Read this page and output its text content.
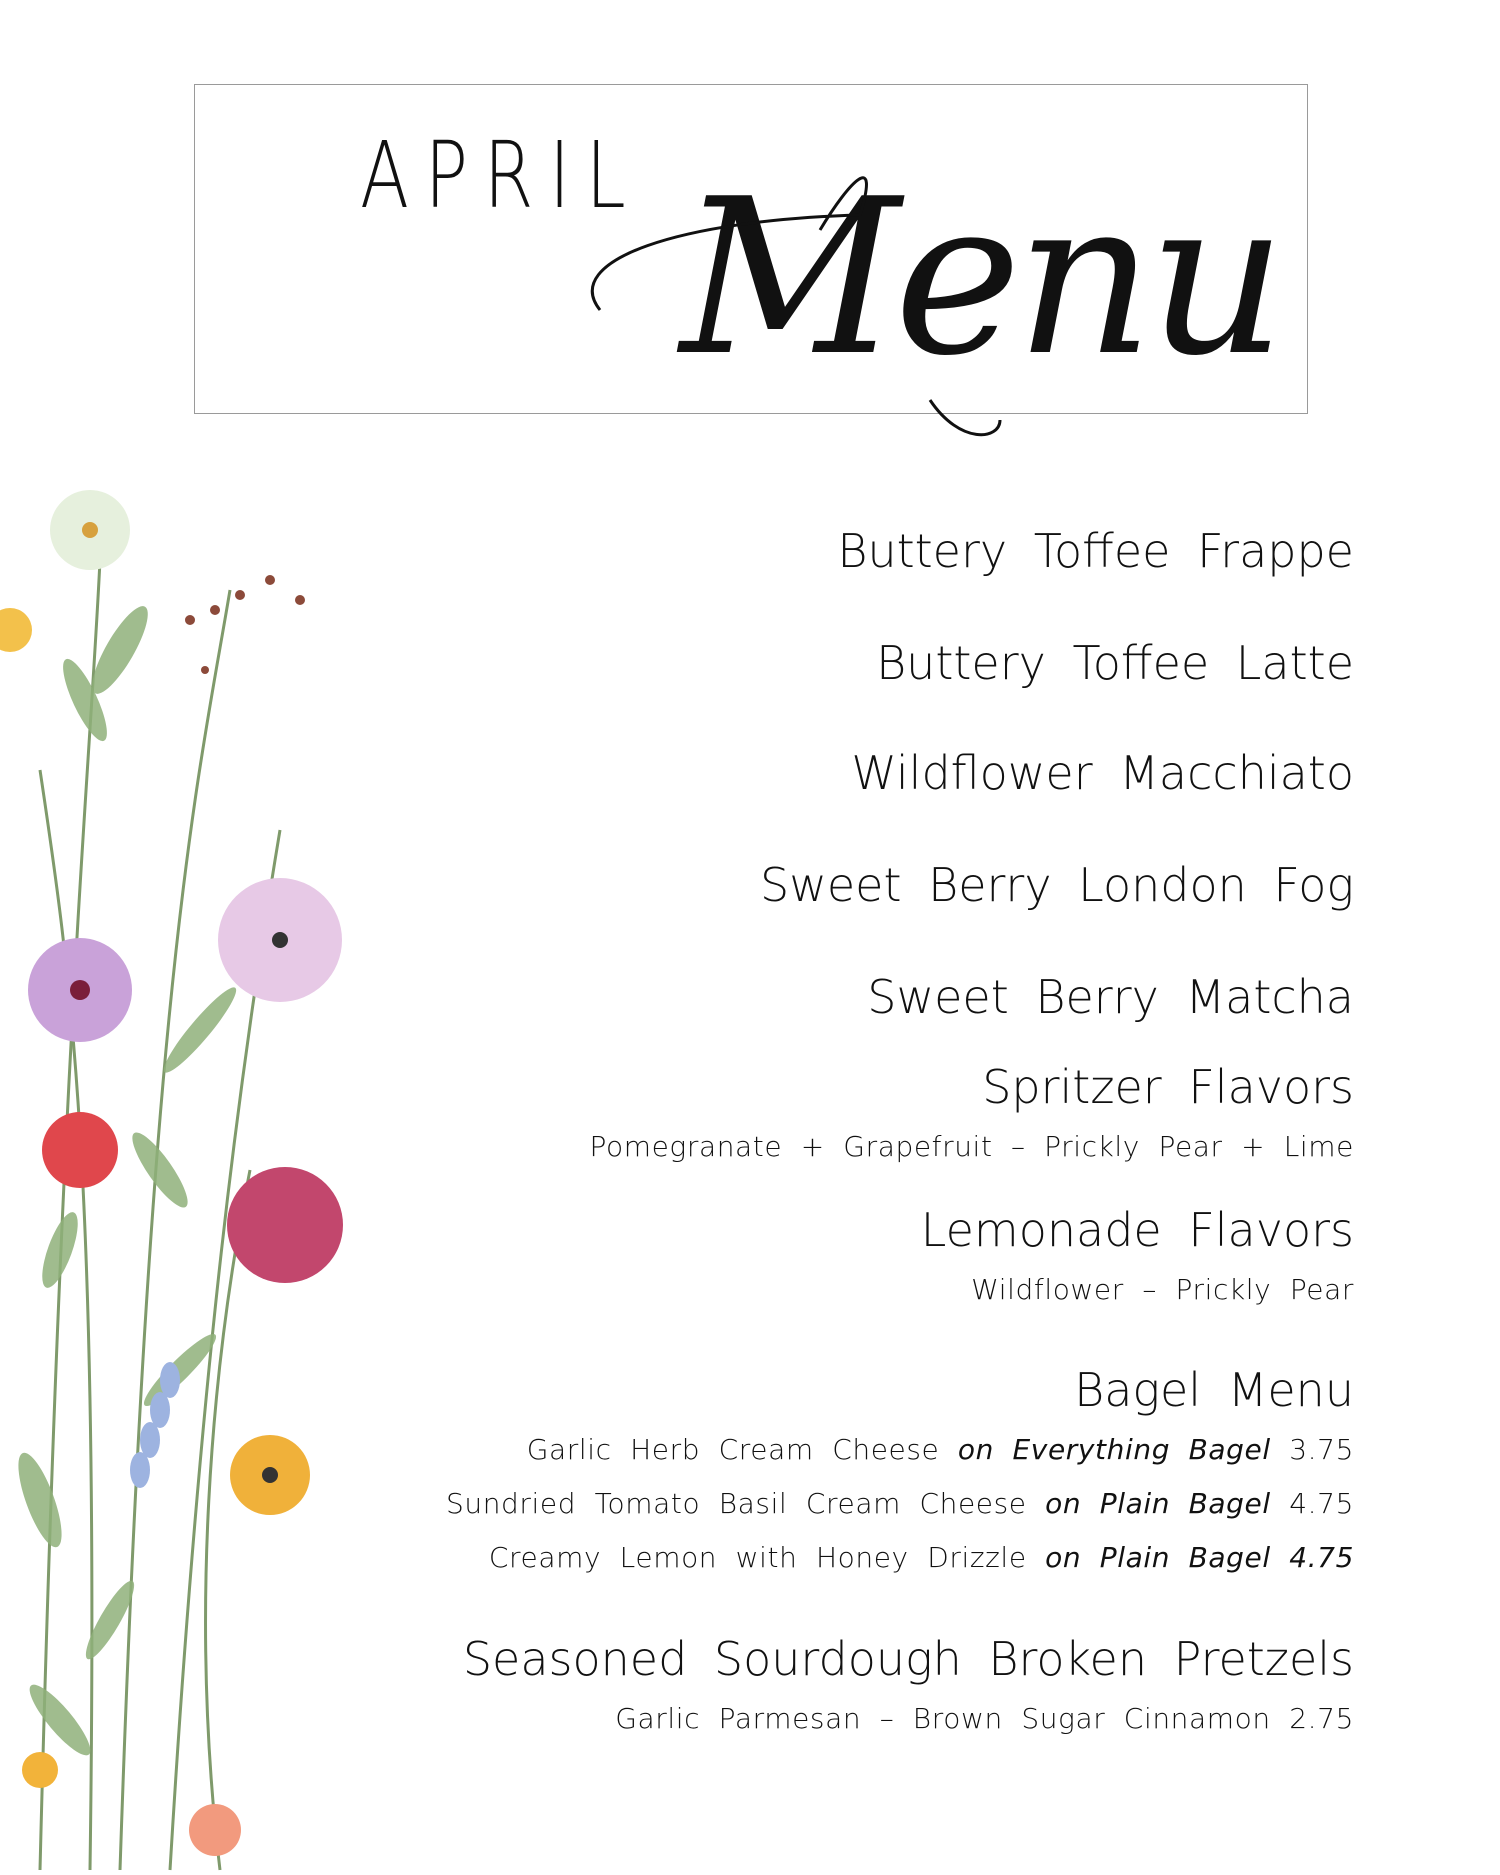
APRIL Menu
Buttery Toffee Frappe
Buttery Toffee Latte
Wildflower Macchiato
Sweet Berry London Fog
Sweet Berry Matcha
Spritzer Flavors
Pomegranate + Grapefruit – Prickly Pear + Lime
Lemonade Flavors
Wildflower – Prickly Pear
Bagel Menu
Garlic Herb Cream Cheese on Everything Bagel 3.75
Sundried Tomato Basil Cream Cheese on Plain Bagel 4.75
Creamy Lemon with Honey Drizzle on Plain Bagel 4.75
Seasoned Sourdough Broken Pretzels
Garlic Parmesan – Brown Sugar Cinnamon 2.75
